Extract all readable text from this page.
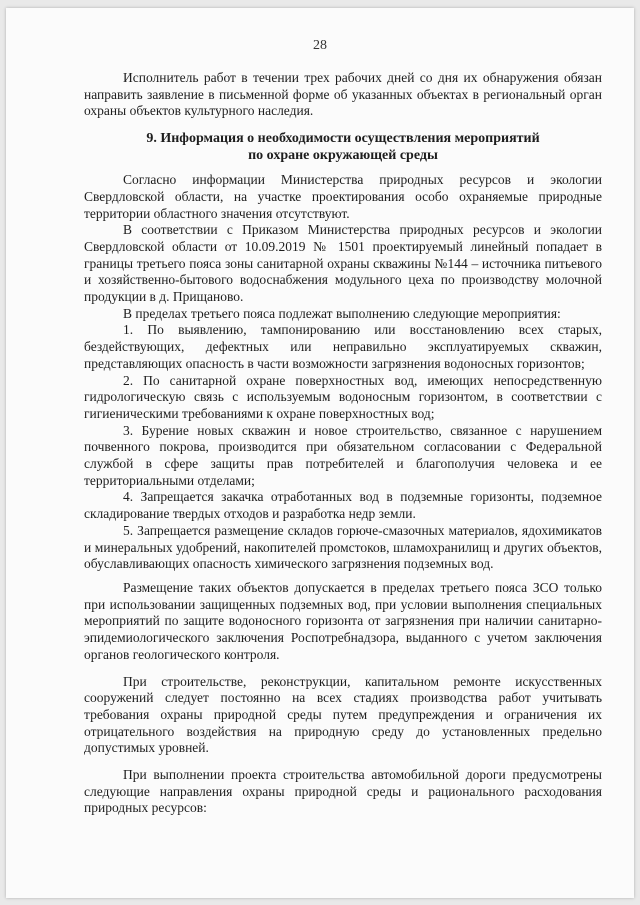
28

Исполнитель работ в течении трех рабочих дней со дня их обнаружения обязан направить заявление в письменной форме об указанных объектах в региональный орган охраны объектов культурного наследия.

9. Информация о необходимости осуществления мероприятий
по охране окружающей среды

Согласно информации Министерства природных ресурсов и экологии Свердловской области, на участке проектирования особо охраняемые природные территории областного значения отсутствуют.

В соответствии с Приказом Министерства природных ресурсов и экологии Свердловской области от 10.09.2019 № 1501 проектируемый линейный попадает в границы третьего пояса зоны санитарной охраны скважины №144 – источника питьевого и хозяйственно-бытового водоснабжения модульного цеха по производству молочной продукции в д. Прищаново.

В пределах третьего пояса подлежат выполнению следующие мероприятия:

1. По выявлению, тампонированию или восстановлению всех старых, бездействующих, дефектных или неправильно эксплуатируемых скважин, представляющих опасность в части возможности загрязнения водоносных горизонтов;

2. По санитарной охране поверхностных вод, имеющих непосредственную гидрологическую связь с используемым водоносным горизонтом, в соответствии с гигиеническими требованиями к охране поверхностных вод;

3. Бурение новых скважин и новое строительство, связанное с нарушением почвенного покрова, производится при обязательном согласовании с Федеральной службой в сфере защиты прав потребителей и благополучия человека и ее территориальными отделами;

4. Запрещается закачка отработанных вод в подземные горизонты, подземное складирование твердых отходов и разработка недр земли.

5. Запрещается размещение складов горюче-смазочных материалов, ядохимикатов и минеральных удобрений, накопителей промстоков, шламохранилищ и других объектов, обуславливающих опасность химического загрязнения подземных вод.

Размещение таких объектов допускается в пределах третьего пояса ЗСО только при использовании защищенных подземных вод, при условии выполнения специальных мероприятий по защите водоносного горизонта от загрязнения при наличии санитарно-эпидемиологического заключения Роспотребнадзора, выданного с учетом заключения органов геологического контроля.

При строительстве, реконструкции, капитальном ремонте искусственных сооружений следует постоянно на всех стадиях производства работ учитывать требования охраны природной среды путем предупреждения и ограничения их отрицательного воздействия на природную среду до установленных предельно допустимых уровней.

При выполнении проекта строительства автомобильной дороги предусмотрены следующие направления охраны природной среды и рационального расходования природных ресурсов:
